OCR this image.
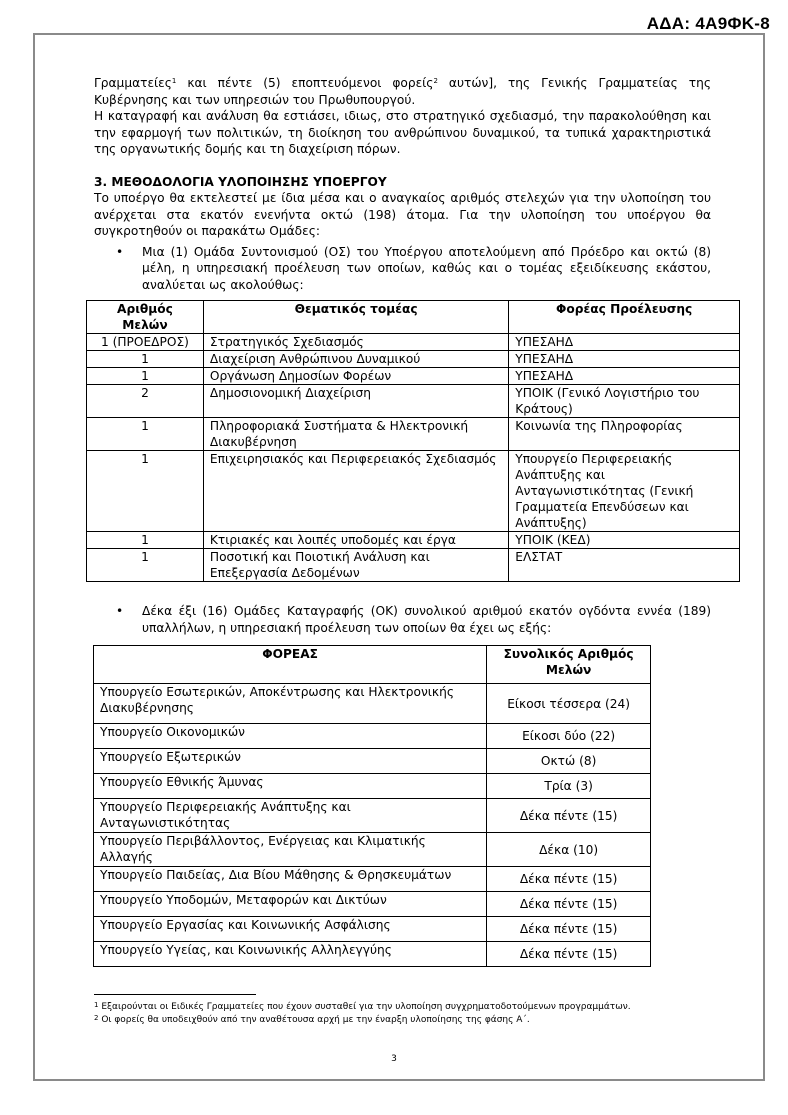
ΑΔΑ: 4Α9ΦΚ-8

Γραμματείες$^1$ και πέντε (5) εποπτευόμενοι φορείς$^2$ αυτών], της Γενικής Γραμματείας της Κυβέρνησης και των υπηρεσιών του Πρωθυπουργού.

Η καταγραφή και ανάλυση θα εστιάσει, ιδιως, στο στρατηγικό σχεδιασμό, την παρακολούθηση και την εφαρμογή των πολιτικών, τη διοίκηση του ανθρώπινου δυναμικού, τα τυπικά χαρακτηριστικά της οργανωτικής δομής και τη διαχείριση πόρων.

3. ΜΕΘΟΔΟΛΟΓΙΑ ΥΛΟΠΟΙΗΣΗΣ ΥΠΟΕΡΓΟΥ

Το υποέργο θα εκτελεστεί με ίδια μέσα και ο αναγκαίος αριθμός στελεχών για την υλοποίηση του ανέρχεται στα εκατόν ενενήντα οκτώ (198) άτομα. Για την υλοποίηση του υποέργου θα συγκροτηθούν οι παρακάτω Ομάδες:

• Μια (1) Ομάδα Συντονισμού (ΟΣ) του Υποέργου αποτελούμενη από Πρόεδρο και οκτώ (8) μέλη, η υπηρεσιακή προέλευση των οποίων, καθώς και ο τομέας εξειδίκευσης εκάστου, αναλύεται ως ακολούθως:
Αριθμός Μελών	Θεματικός τομέας	Φορέας Προέλευσης
1 (ΠΡΟΕΔΡΟΣ)	Στρατηγικός Σχεδιασμός	ΥΠΕΣΑΗΔ
1	Διαχείριση Ανθρώπινου Δυναμικού	ΥΠΕΣΑΗΔ
1	Οργάνωση Δημοσίων Φορέων	ΥΠΕΣΑΗΔ
2	Δημοσιονομική Διαχείριση	ΥΠΟΙΚ (Γενικό Λογιστήριο του Κράτους)
1	Πληροφοριακά Συστήματα & Ηλεκτρονική Διακυβέρνηση	Κοινωνία της Πληροφορίας
1	Επιχειρησιακός και Περιφερειακός Σχεδιασμός	Υπουργείο Περιφερειακής Ανάπτυξης και Ανταγωνιστικότητας (Γενική Γραμματεία Επενδύσεων και Ανάπτυξης)
1	Κτιριακές και λοιπές υποδομές και έργα	ΥΠΟΙΚ (ΚΕΔ)
1	Ποσοτική και Ποιοτική Ανάλυση και Επεξεργασία Δεδομένων	ΕΛΣΤΑΤ
• Δέκα έξι (16) Ομάδες Καταγραφής (ΟΚ) συνολικού αριθμού εκατόν ογδόντα εννέα (189) υπαλλήλων, η υπηρεσιακή προέλευση των οποίων θα έχει ως εξής:
ΦΟΡΕΑΣ	Συνολικός Αριθμός Μελών
Υπουργείο Εσωτερικών, Αποκέντρωσης και Ηλεκτρονικής Διακυβέρνησης	Είκοσι τέσσερα (24)
Υπουργείο Οικονομικών	Είκοσι δύο (22)
Υπουργείο Εξωτερικών	Οκτώ (8)
Υπουργείο Εθνικής Άμυνας	Τρία (3)
Υπουργείο Περιφερειακής Ανάπτυξης και Ανταγωνιστικότητας	Δέκα πέντε (15)
Υπουργείο Περιβάλλοντος, Ενέργειας και Κλιματικής Αλλαγής	Δέκα (10)
Υπουργείο Παιδείας, Δια Βίου Μάθησης & Θρησκευμάτων	Δέκα πέντε (15)
Υπουργείο Υποδομών, Μεταφορών και Δικτύων	Δέκα πέντε (15)
Υπουργείο Εργασίας και Κοινωνικής Ασφάλισης	Δέκα πέντε (15)
Υπουργείο Υγείας, και Κοινωνικής Αλληλεγγύης	Δέκα πέντε (15)

$^1$ Εξαιρούνται οι Ειδικές Γραμματείες που έχουν συσταθεί για την υλοποίηση συγχρηματοδοτούμενων προγραμμάτων.

$^2$ Οι φορείς θα υποδειχθούν από την αναθέτουσα αρχή με την έναρξη υλοποίησης της φάσης Α΄.

3
